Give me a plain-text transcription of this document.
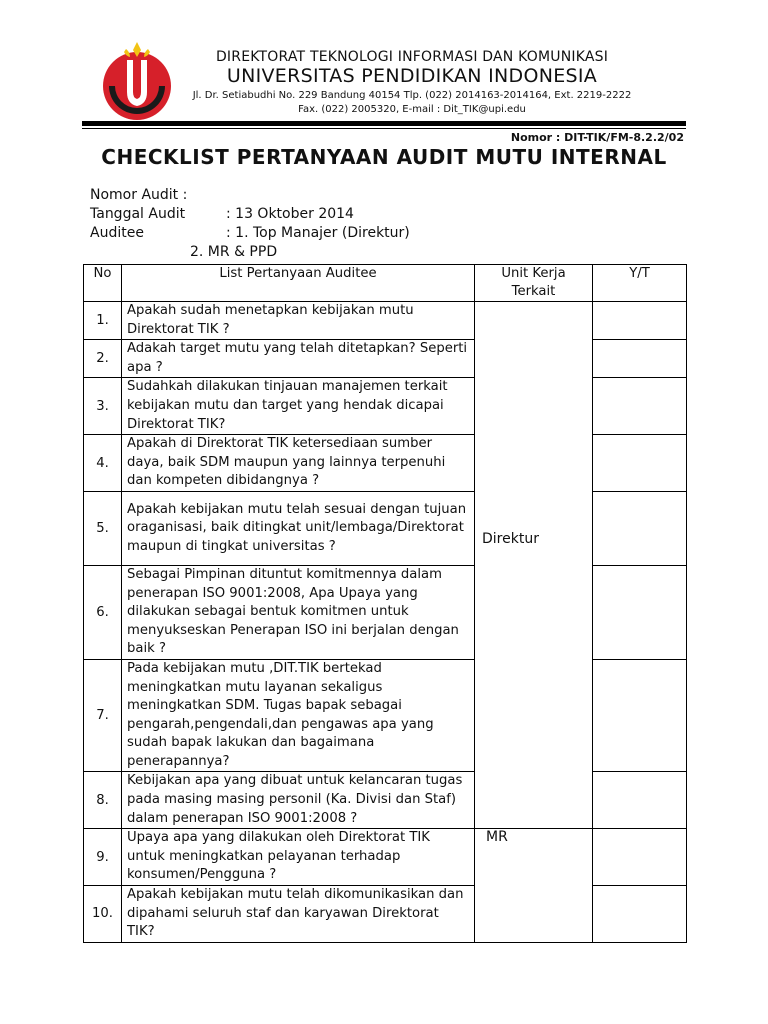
DIREKTORAT TEKNOLOGI INFORMASI DAN KOMUNIKASI
UNIVERSITAS PENDIDIKAN INDONESIA
Jl. Dr. Setiabudhi No. 229 Bandung 40154 Tlp. (022) 2014163-2014164, Ext. 2219-2222
Fax. (022) 2005320, E-mail : Dit_TIK@upi.edu
Nomor : DIT-TIK/FM-8.2.2/02
CHECKLIST PERTANYAAN AUDIT MUTU INTERNAL
Nomor Audit :
Tanggal Audit	: 13 Oktober 2014
Auditee	: 1. Top Manajer (Direktur)
2. MR & PPD
No	List Pertanyaan Auditee	Unit Kerja Terkait	Y/T
1.	Apakah sudah menetapkan kebijakan mutu Direktorat TIK ?	Direktur	

2.	Adakah target mutu yang telah ditetapkan? Seperti apa ?		
3.	Sudahkah dilakukan tinjauan manajemen terkait kebijakan mutu dan target yang hendak dicapai Direktorat TIK?		
4.	Apakah di Direktorat TIK ketersediaan sumber daya, baik SDM maupun yang lainnya terpenuhi dan kompeten dibidangnya ?		
5.	Apakah kebijakan mutu telah sesuai dengan tujuan oraganisasi, baik ditingkat unit/lembaga/Direktorat maupun di tingkat universitas ?		
6.	Sebagai Pimpinan dituntut komitmennya dalam penerapan ISO 9001:2008, Apa Upaya yang dilakukan sebagai bentuk komitmen untuk menyukseskan Penerapan ISO ini berjalan dengan baik ?		
7.	Pada kebijakan mutu ,DIT.TIK bertekad meningkatkan mutu layanan sekaligus meningkatkan SDM. Tugas bapak sebagai pengarah,pengendali,dan pengawas apa yang sudah bapak lakukan dan bagaimana penerapannya?		
8.	Kebijakan apa yang dibuat untuk kelancaran tugas pada masing masing personil (Ka. Divisi dan Staf) dalam penerapan ISO 9001:2008 ?		
9.	Upaya apa yang dilakukan oleh Direktorat TIK untuk meningkatkan pelayanan terhadap konsumen/Pengguna ?	MR	

10.	Apakah kebijakan mutu telah dikomunikasikan dan dipahami seluruh staf dan karyawan Direktorat TIK?		
